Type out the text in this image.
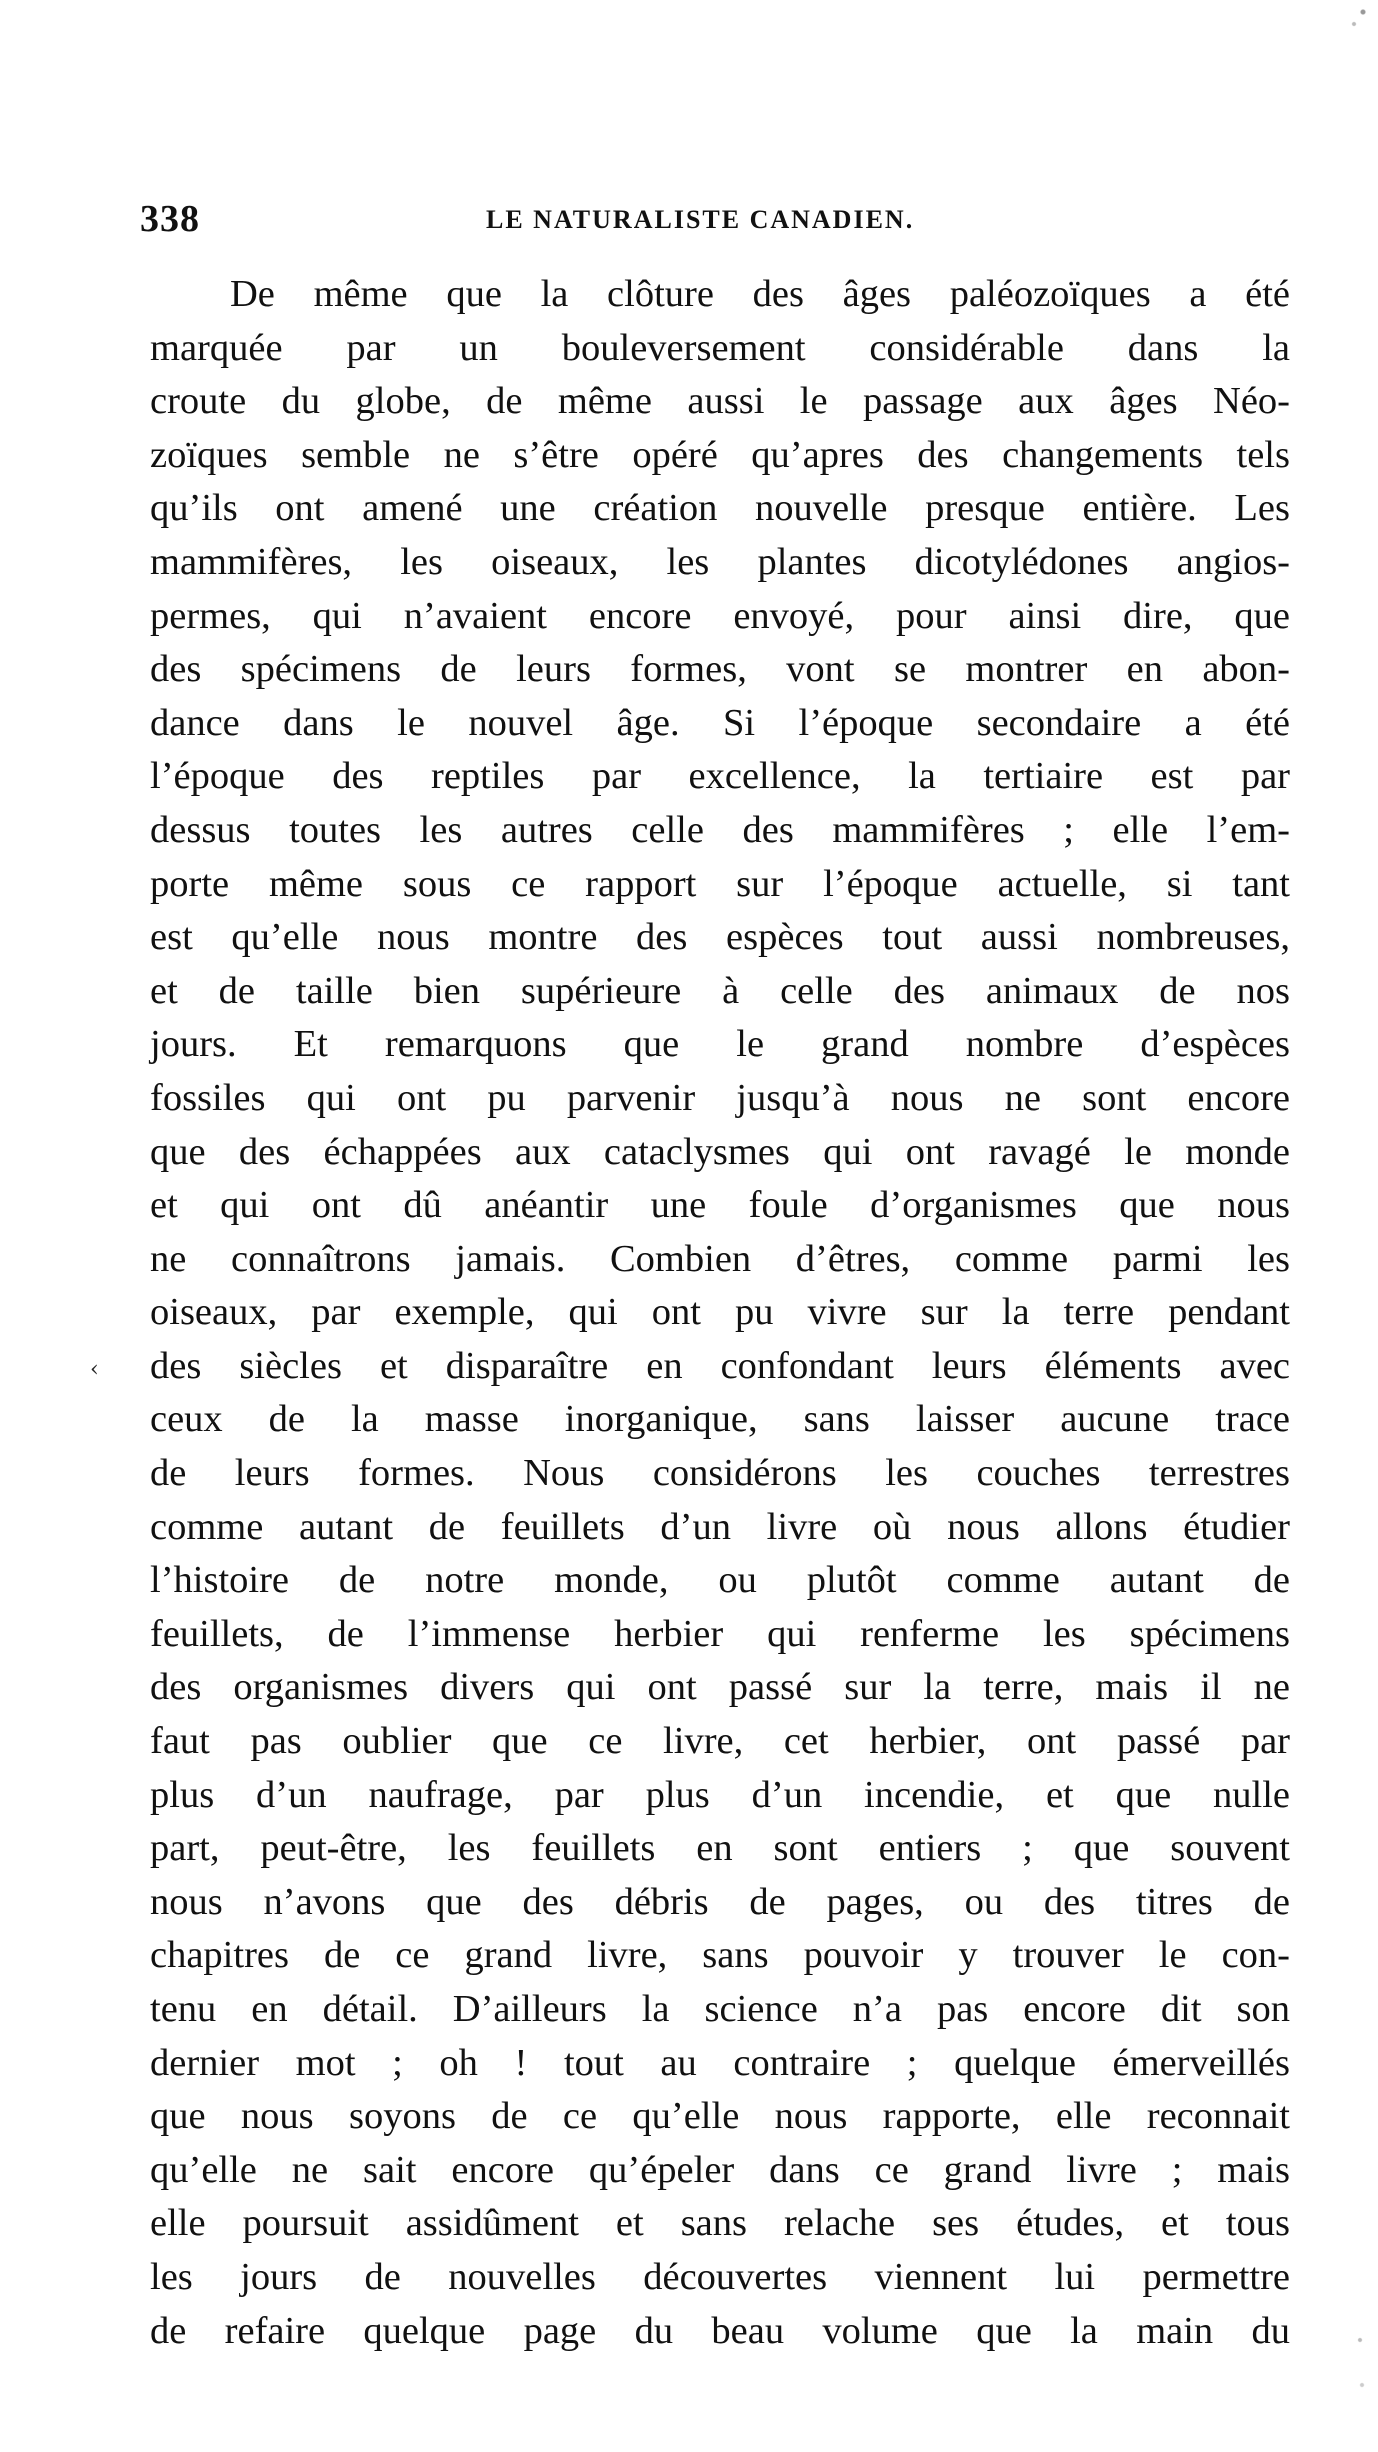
338	LE NATURALISTE CANADIEN.
‹
De même que la clôture des âges paléozoïques a été
marquée par un bouleversement considérable dans la
croute du globe, de même aussi le passage aux âges Néo-
zoïques semble ne s’être opéré qu’apres des changements tels
qu’ils ont amené une création nouvelle presque entière. Les
mammifères, les oiseaux, les plantes dicotylédones angios-
permes, qui n’avaient encore envoyé, pour ainsi dire, que
des spécimens de leurs formes, vont se montrer en abon-
dance dans le nouvel âge. Si l’époque secondaire a été
l’époque des reptiles par excellence, la tertiaire est par
dessus toutes les autres celle des mammifères ; elle l’em-
porte même sous ce rapport sur l’époque actuelle, si tant
est qu’elle nous montre des espèces tout aussi nombreuses,
et de taille bien supérieure à celle des animaux de nos
jours. Et remarquons que le grand nombre d’espèces
fossiles qui ont pu parvenir jusqu’à nous ne sont encore
que des échappées aux cataclysmes qui ont ravagé le monde
et qui ont dû anéantir une foule d’organismes que nous
ne connaîtrons jamais. Combien d’êtres, comme parmi les
oiseaux, par exemple, qui ont pu vivre sur la terre pendant
des siècles et disparaître en confondant leurs éléments avec
ceux de la masse inorganique, sans laisser aucune trace
de leurs formes. Nous considérons les couches terrestres
comme autant de feuillets d’un livre où nous allons étudier
l’histoire de notre monde, ou plutôt comme autant de
feuillets, de l’immense herbier qui renferme les spécimens
des organismes divers qui ont passé sur la terre, mais il ne
faut pas oublier que ce livre, cet herbier, ont passé par
plus d’un naufrage, par plus d’un incendie, et que nulle
part, peut-être, les feuillets en sont entiers ; que souvent
nous n’avons que des débris de pages, ou des titres de
chapitres de ce grand livre, sans pouvoir y trouver le con-
tenu en détail. D’ailleurs la science n’a pas encore dit son
dernier mot ; oh ! tout au contraire ; quelque émerveillés
que nous soyons de ce qu’elle nous rapporte, elle reconnait
qu’elle ne sait encore qu’épeler dans ce grand livre ; mais
elle poursuit assidûment et sans relache ses études, et tous
les jours de nouvelles découvertes viennent lui permettre
de refaire quelque page du beau volume que la main du
